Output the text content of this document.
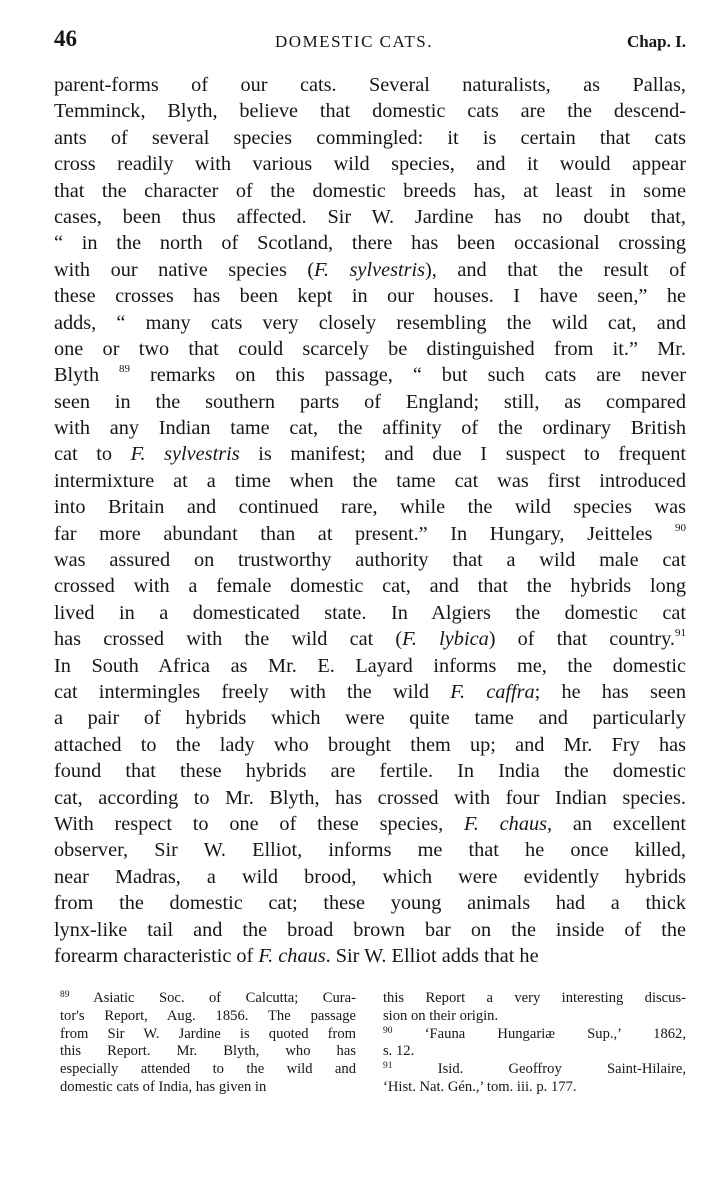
46	DOMESTIC CATS.	Chap. I.
parent-forms of our cats. Several naturalists, as Pallas,
Temminck, Blyth, believe that domestic cats are the descend-
ants of several species commingled: it is certain that cats
cross readily with various wild species, and it would appear
that the character of the domestic breeds has, at least in some
cases, been thus affected. Sir W. Jardine has no doubt that,
“ in the north of Scotland, there has been occasional crossing
with our native species (F. sylvestris), and that the result of
these crosses has been kept in our houses. I have seen,” he
adds, “ many cats very closely resembling the wild cat, and
one or two that could scarcely be distinguished from it.” Mr.
Blyth $^{89}$ remarks on this passage, “ but such cats are never
seen in the southern parts of England; still, as compared
with any Indian tame cat, the affinity of the ordinary British
cat to F. sylvestris is manifest; and due I suspect to frequent
intermixture at a time when the tame cat was first introduced
into Britain and continued rare, while the wild species was
far more abundant than at present.” In Hungary, Jeitteles $^{90}$
was assured on trustworthy authority that a wild male cat
crossed with a female domestic cat, and that the hybrids long
lived in a domesticated state. In Algiers the domestic cat
has crossed with the wild cat (F. lybica) of that country.$^{91}$
In South Africa as Mr. E. Layard informs me, the domestic
cat intermingles freely with the wild F. caffra; he has seen
a pair of hybrids which were quite tame and particularly
attached to the lady who brought them up; and Mr. Fry has
found that these hybrids are fertile. In India the domestic
cat, according to Mr. Blyth, has crossed with four Indian species.
With respect to one of these species, F. chaus, an excellent
observer, Sir W. Elliot, informs me that he once killed,
near Madras, a wild brood, which were evidently hybrids
from the domestic cat; these young animals had a thick
lynx-like tail and the broad brown bar on the inside of the
forearm characteristic of F. chaus. Sir W. Elliot adds that he
$^{89}$ Asiatic Soc. of Calcutta; Cura-
tor's Report, Aug. 1856. The passage
from Sir W. Jardine is quoted from
this Report. Mr. Blyth, who has
especially attended to the wild and
domestic cats of India, has given in
this Report a very interesting discus-
sion on their origin.
$^{90}$ ‘Fauna Hungariæ Sup.,’ 1862,
s. 12.
$^{91}$ Isid. Geoffroy Saint-Hilaire,
‘Hist. Nat. Gén.,’ tom. iii. p. 177.
